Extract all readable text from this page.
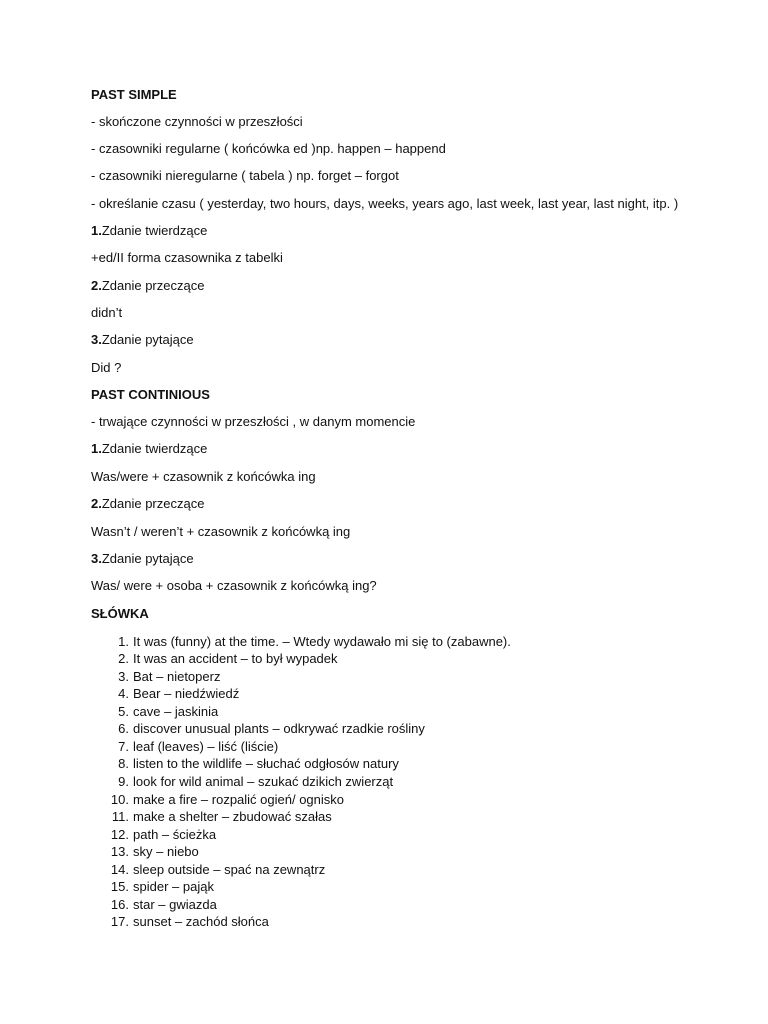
PAST SIMPLE
- skończone czynności w przeszłości
- czasowniki regularne ( końcówka ed )np. happen – happend
- czasowniki nieregularne ( tabela ) np. forget – forgot
- określanie czasu ( yesterday, two hours, days, weeks, years ago, last week, last year, last night, itp. )
1.Zdanie twierdzące
+ed/II forma czasownika z tabelki
2.Zdanie przeczące
didn’t
3.Zdanie pytające
Did ?
PAST CONTINIOUS
- trwające czynności w przeszłości , w danym momencie
1.Zdanie twierdzące
Was/were + czasownik z końcówka ing
2.Zdanie przeczące
Wasn’t / weren’t + czasownik z końcówką ing
3.Zdanie pytające
Was/ were + osoba + czasownik z końcówką ing?
SŁÓWKA
1. It was (funny) at the time. – Wtedy wydawało mi się to (zabawne).
2. It was an accident – to był wypadek
3. Bat – nietoperz
4. Bear – niedźwiedź
5. cave – jaskinia
6. discover unusual plants – odkrywać rzadkie rośliny
7. leaf (leaves) – liść (liście)
8. listen to the wildlife – słuchać odgłosów natury
9. look for wild animal – szukać dzikich zwierząt
10. make a fire – rozpalić ogień/ ognisko
11. make a shelter – zbudować szałas
12. path – ścieżka
13. sky – niebo
14. sleep outside – spać na zewnątrz
15. spider – pająk
16. star – gwiazda
17. sunset – zachód słońca
